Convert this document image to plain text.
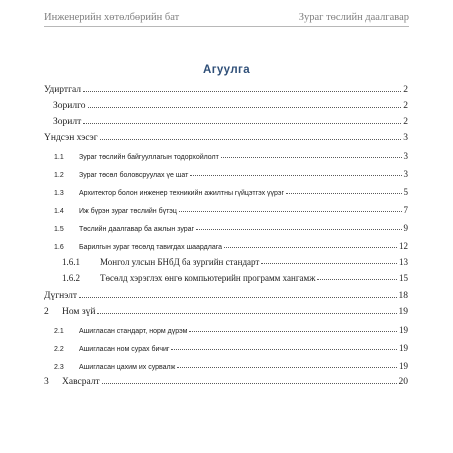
Инженерийн хөтөлбөрийн бат	Зураг төслийн даалгавар
Агуулга
Удиртгал	2
Зорилго	2
Зорилт	2
Үндсэн хэсэг	3
1.1	Зураг төслийн байгууллагын тодорхойлолт	3
1.2	Зураг төсөл боловсруулах үе шат	3
1.3	Архитектор болон инженер техникийн ажилтны гүйцэтгэх үүрэг	5
1.4	Иж бүрэн зураг төслийн бүтэц	7
1.5	Төслийн даалгавар ба ажлын зураг	9
1.6	Барилгын зураг төсөлд тавигдах шаардлага	12
1.6.1	Монгол улсын БНбД ба зургийн стандарт	13
1.6.2	Төсөлд хэрэглэх өнгө компьютерийн программ хангамж	15
Дүгнэлт	18
2	Ном зүй	19
2.1	Ашигласан стандарт, норм дүрэм	19
2.2	Ашигласан ном сурах бичиг	19
2.3	Ашигласан цахим их сурвалж	19
3	Хавсралт	20
